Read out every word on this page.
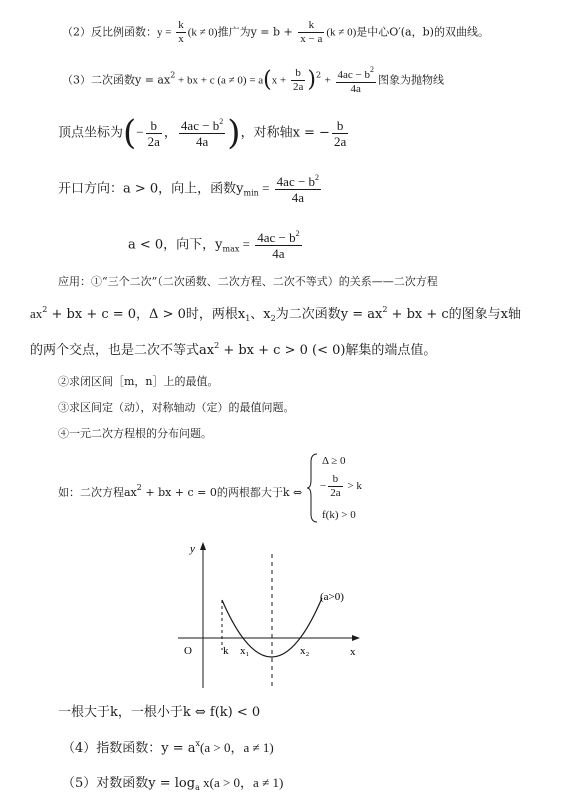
（2）反比例函数：$y = \frac{k}{x} (k \ne 0)$推广为$y = b + \frac{k}{x - a} (k \ne 0)$是中心O′(a，b)的双曲线。
（3）二次函数$y = ax^2$ + bx + c $(a \ne 0) = a(x + \frac{b}{2a} )^2 + \frac{4ac - b^2}{4a}$ 图象为抛物线
顶点坐标为(− $\frac{b}{2a}$ ， $\frac{4ac - b^2}{4a}$ )，对称轴x = − $\frac{b}{2a}$
开口方向：a > 0，向上，函数$y_{min} = \frac{4ac - b^2}{4a}$
a < 0，向下，$y_{max} = \frac{4ac - b^2}{4a}$
应用：①“三个二次”（二次函数、二次方程、二次不等式）的关系——二次方程
$ax^2$ + bx + c = 0，Δ > 0时，两根$x_1$、$x_2$为二次函数$y = ax^2$ + bx + c的图象与x轴
的两个交点，也是二次不等式$ax^2$ + bx + c > 0 (< 0)解集的端点值。
②求闭区间［m，n］上的最值。
③求区间定（动），对称轴动（定）的最值问题。
④一元二次方程根的分布问题。
如：二次方程$ax^2$ + bx + c = 0的两根都大于k ⇔
Δ ≥ 0
− $\frac{b}{2a} > k$
f(k) > 0
y
x
O	k x₁	x₂
(a>0)
一根大于k，一根小于k ⇔ f(k) < 0
（4）指数函数：$y = a^x(a > 0$，a ≠ 1)
（5）对数函数$y = \log_a x(a > 0$，a ≠ 1)
